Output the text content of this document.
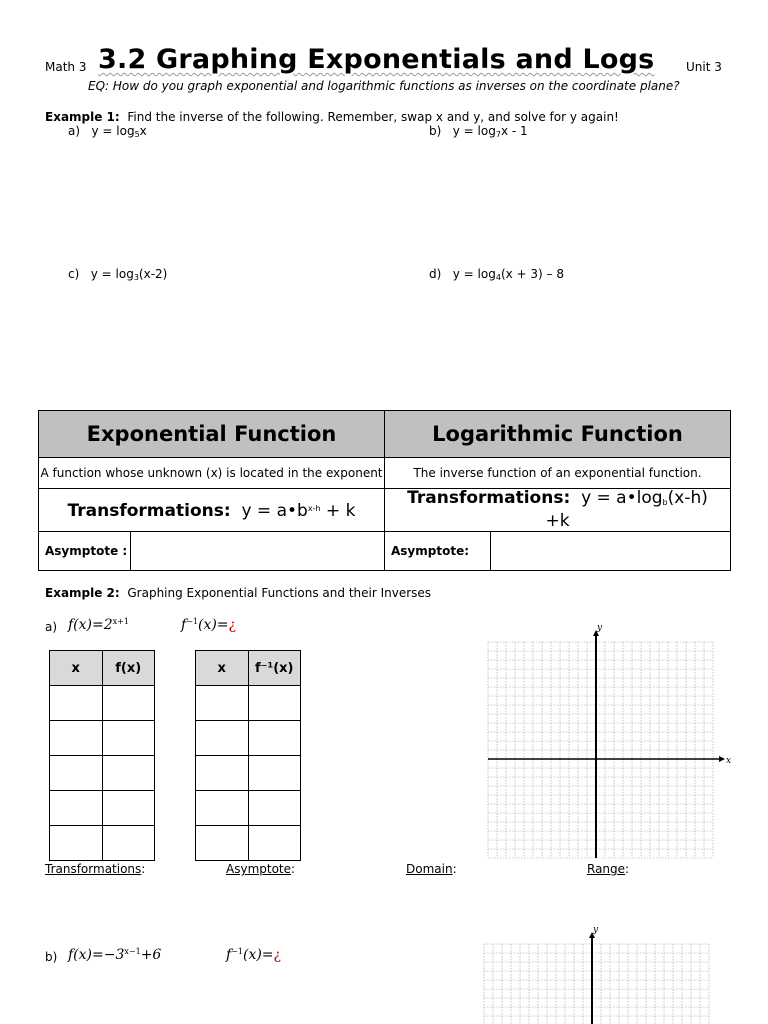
Math 3 3.2 Graphing Exponentials and Logs	Unit 3
EQ: How do you graph exponential and logarithmic functions as inverses on the coordinate plane?
Example 1: Find the inverse of the following. Remember, swap x and y, and solve for y again!
a) $y = \log_5x$	b) $y = \log_7x - 1$
c) $y = \log_3(x-2)$	d) $y = \log_4(x + 3) - 8$
Exponential Function		Logarithmic Function	
A function whose unknown (x) is located in the exponent		The inverse function of an exponential function.	
Transformations: $y = a•b^{x-h} + k$		Transformations: $y = a•\log_b(x-h)$
+k	
Asymptote :		Asymptote:	
Example 2: Graphing Exponential Functions and their Inverses
a) $f(x)=2^{x+1}$	$f^{-1}(x)=¿$
x	f(x)

		x	f⁻¹(x)

x
y
Transformations:	Asymptote:	Domain:	Range:
b) $f(x)=-3^{x-1}+6$	$f^{-1}(x)=¿$
y
